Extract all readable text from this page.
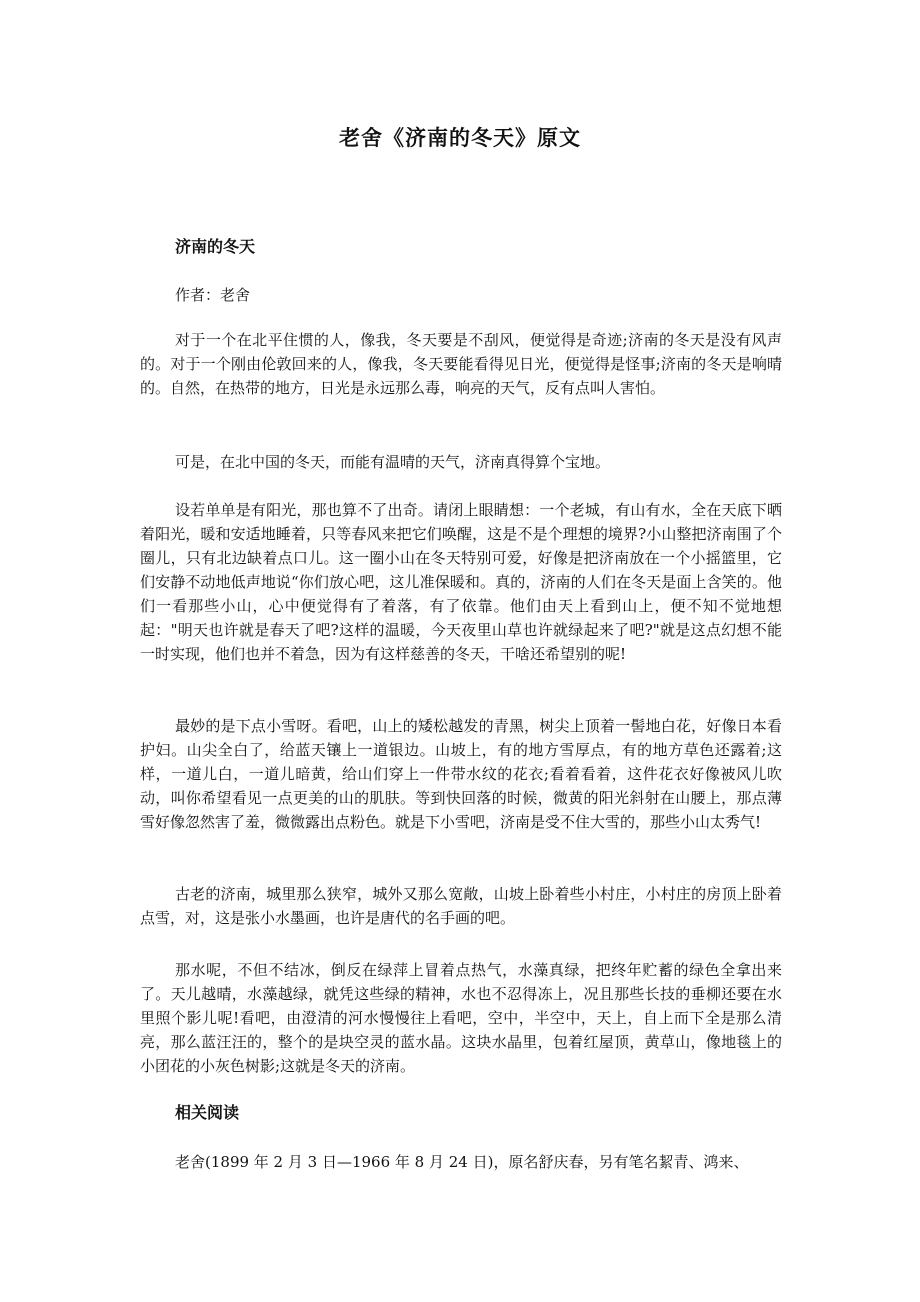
老舍《济南的冬天》原文
济南的冬天

作者：老舍

对于一个在北平住惯的人，像我，冬天要是不刮风，便觉得是奇迹;济南的冬天是没有风声的。对于一个刚由伦敦回来的人，像我，冬天要能看得见日光，便觉得是怪事;济南的冬天是响晴的。自然，在热带的地方，日光是永远那么毒，响亮的天气，反有点叫人害怕。

可是，在北中国的冬天，而能有温晴的天气，济南真得算个宝地。

设若单单是有阳光，那也算不了出奇。请闭上眼睛想：一个老城，有山有水，全在天底下晒着阳光，暖和安适地睡着，只等春风来把它们唤醒，这是不是个理想的境界?小山整把济南围了个圈儿，只有北边缺着点口儿。这一圈小山在冬天特别可爱，好像是把济南放在一个小摇篮里，它们安静不动地低声地说“你们放心吧，这儿准保暖和。真的，济南的人们在冬天是面上含笑的。他们一看那些小山，心中便觉得有了着落，有了依靠。他们由天上看到山上，便不知不觉地想起："明天也许就是春天了吧?这样的温暖，今天夜里山草也许就绿起来了吧?"就是这点幻想不能一时实现，他们也并不着急，因为有这样慈善的冬天，干啥还希望别的呢!

最妙的是下点小雪呀。看吧，山上的矮松越发的青黑，树尖上顶着一髻地白花，好像日本看护妇。山尖全白了，给蓝天镶上一道银边。山坡上，有的地方雪厚点，有的地方草色还露着;这样，一道儿白，一道儿暗黄，给山们穿上一件带水纹的花衣;看着看着，这件花衣好像被风儿吹动，叫你希望看见一点更美的山的肌肤。等到快回落的时候，微黄的阳光斜射在山腰上，那点薄雪好像忽然害了羞，微微露出点粉色。就是下小雪吧，济南是受不住大雪的，那些小山太秀气!

古老的济南，城里那么狭窄，城外又那么宽敞，山坡上卧着些小村庄，小村庄的房顶上卧着点雪，对，这是张小水墨画，也许是唐代的名手画的吧。

那水呢，不但不结冰，倒反在绿萍上冒着点热气，水藻真绿，把终年贮蓄的绿色全拿出来了。天儿越晴，水藻越绿，就凭这些绿的精神，水也不忍得冻上，况且那些长技的垂柳还要在水里照个影儿呢!看吧，由澄清的河水慢慢往上看吧，空中，半空中，天上，自上而下全是那么清亮，那么蓝汪汪的，整个的是块空灵的蓝水晶。这块水晶里，包着红屋顶，黄草山，像地毯上的小团花的小灰色树影;这就是冬天的济南。

相关阅读

老舍(1899 年 2 月 3 日—1966 年 8 月 24 日)，原名舒庆春，另有笔名絜青、鸿来、
